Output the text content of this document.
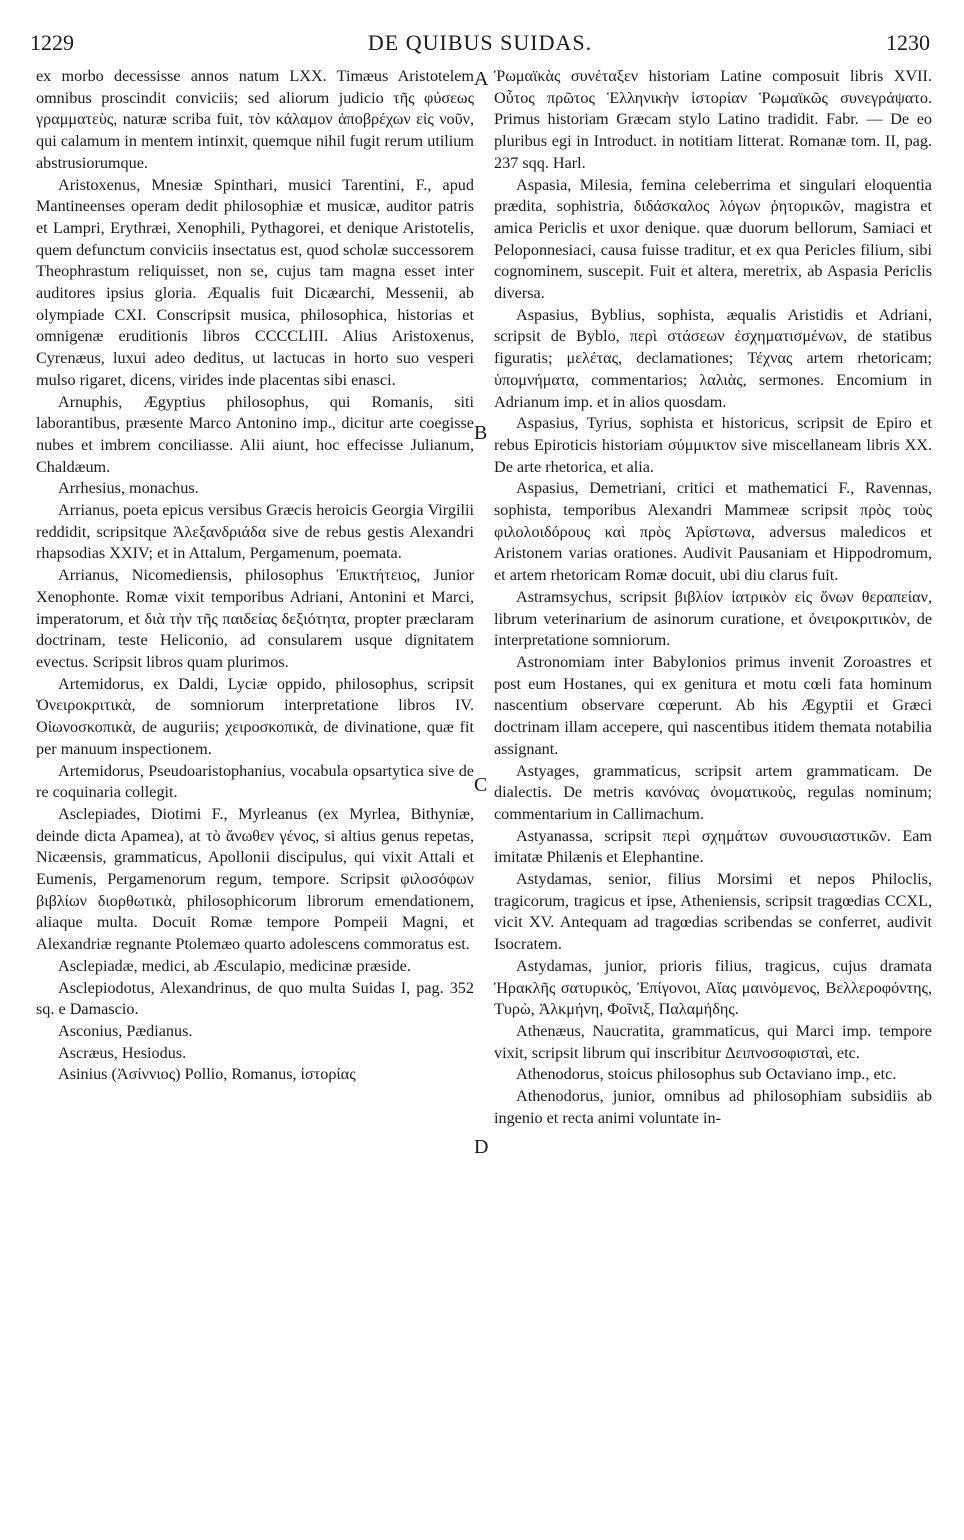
1229	DE QUIBUS SUIDAS.	1230
A
B
C
D

ex morbo decessisse annos natum LXX. Timæus Aristotelem omnibus proscindit conviciis; sed aliorum judicio τῆς φύσεως γραμματεὺς, naturæ scriba fuit, τὸν κάλαμον ἀποβρέχων εἰς νοῦν, qui calamum in mentem intinxit, quemque nihil fugit rerum utilium abstrusiorumque.

Aristoxenus, Mnesiæ Spinthari, musici Tarentini, F., apud Mantineenses operam dedit philosophiæ et musicæ, auditor patris et Lampri, Erythræi, Xenophili, Pythagorei, et denique Aristotelis, quem defunctum conviciis insectatus est, quod scholæ successorem Theophrastum reliquisset, non se, cujus tam magna esset inter auditores ipsius gloria. Æqualis fuit Dicæarchi, Messenii, ab olympiade CXI. Conscripsit musica, philosophica, historias et omnigenæ eruditionis libros CCCCLIII. Alius Aristoxenus, Cyrenæus, luxui adeo deditus, ut lactucas in horto suo vesperi mulso rigaret, dicens, virides inde placentas sibi enasci.

Arnuphis, Ægyptius philosophus, qui Romanis, siti laborantibus, præsente Marco Antonino imp., dicitur arte coegisse nubes et imbrem conciliasse. Alii aiunt, hoc effecisse Julianum, Chaldæum.

Arrhesius, monachus.

Arrianus, poeta epicus versibus Græcis heroicis Georgia Virgilii reddidit, scripsitque Ἀλεξανδριάδα sive de rebus gestis Alexandri rhapsodias XXIV; et in Attalum, Pergamenum, poemata.

Arrianus, Nicomediensis, philosophus Ἐπικτήτειος, Junior Xenophonte. Romæ vixit temporibus Adriani, Antonini et Marci, imperatorum, et διὰ τὴν τῆς παιδείας δεξιότητα, propter præclaram doctrinam, teste Heliconio, ad consularem usque dignitatem evectus. Scripsit libros quam plurimos.

Artemidorus, ex Daldi, Lyciæ oppido, philosophus, scripsit Ὀνειροκριτικὰ, de somniorum interpretatione libros IV. Οἰωνοσκοπικὰ, de auguriis; χειροσκοπικὰ, de divinatione, quæ fit per manuum inspectionem.

Artemidorus, Pseudoaristophanius, vocabula opsartytica sive de re coquinaria collegit.

Asclepiades, Diotimi F., Myrleanus (ex Myrlea, Bithyniæ, deinde dicta Apamea), at τὸ ἄνωθεν γένος, si altius genus repetas, Nicæensis, grammaticus, Apollonii discipulus, qui vixit Attali et Eumenis, Pergamenorum regum, tempore. Scripsit φιλοσόφων βιβλίων διορθωτικὰ, philosophicorum librorum emendationem, aliaque multa. Docuit Romæ tempore Pompeii Magni, et Alexandriæ regnante Ptolemæo quarto adolescens commoratus est.

Asclepiadæ, medici, ab Æsculapio, medicinæ præside.

Asclepiodotus, Alexandrinus, de quo multa Suidas I, pag. 352 sq. e Damascio.

Asconius, Pædianus.

Ascræus, Hesiodus.

Asinius (Ἀσίννιος) Pollio, Romanus, ἱστορίας

Ῥωμαϊκὰς συνέταξεν historiam Latine composuit libris XVII. Οὗτος πρῶτος Ἑλληνικὴν ἱστορίαν Ῥωμαϊκῶς συνεγράψατο. Primus historiam Græcam stylo Latino tradidit. Fabr. — De eo pluribus egi in Introduct. in notitiam litterat. Romanæ tom. II, pag. 237 sqq. Harl.

Aspasia, Milesia, femina celeberrima et singulari eloquentia prædita, sophistria, διδάσκαλος λόγων ῥητορικῶν, magistra et amica Periclis et uxor denique. quæ duorum bellorum, Samiaci et Peloponnesiaci, causa fuisse traditur, et ex qua Pericles filium, sibi cognominem, suscepit. Fuit et altera, meretrix, ab Aspasia Periclis diversa.

Aspasius, Byblius, sophista, æqualis Aristidis et Adriani, scripsit de Byblo, περὶ στάσεων ἐσχηματισμένων, de statibus figuratis; μελέτας, declamationes; Τέχνας artem rhetoricam; ὑπομνήματα, commentarios; λαλιὰς, sermones. Encomium in Adrianum imp. et in alios quosdam.

Aspasius, Tyrius, sophista et historicus, scripsit de Epiro et rebus Epiroticis historiam σύμμικτον sive miscellaneam libris XX. De arte rhetorica, et alia.

Aspasius, Demetriani, critici et mathematici F., Ravennas, sophista, temporibus Alexandri Mammeæ scripsit πρὸς τοὺς φιλολοιδόρους καὶ πρὸς Ἀρίστωνα, adversus maledicos et Aristonem varias orationes. Audivit Pausaniam et Hippodromum, et artem rhetoricam Romæ docuit, ubi diu clarus fuit.

Astramsychus, scripsit βιβλίον ἰατρικὸν εἰς ὄνων θεραπείαν, librum veterinarium de asinorum curatione, et ὀνειροκριτικὸν, de interpretatione somniorum.

Astronomiam inter Babylonios primus invenit Zoroastres et post eum Hostanes, qui ex genitura et motu cœli fata hominum nascentium observare cœperunt. Ab his Ægyptii et Græci doctrinam illam accepere, qui nascentibus itidem themata notabilia assignant.

Astyages, grammaticus, scripsit artem grammaticam. De dialectis. De metris κανόνας ὀνοματικοὺς, regulas nominum; commentarium in Callimachum.

Astyanassa, scripsit περὶ σχημάτων συνουσιαστικῶν. Eam imitatæ Philænis et Elephantine.

Astydamas, senior, filius Morsimi et nepos Philoclis, tragicorum, tragicus et ipse, Atheniensis, scripsit tragœdias CCXL, vicit XV. Antequam ad tragœdias scribendas se conferret, audivit Isocratem.

Astydamas, junior, prioris filius, tragicus, cujus dramata Ἡρακλῆς σατυρικὸς, Ἐπίγονοι, Αἴας μαινόμενος, Βελλεροφόντης, Τυρὼ, Ἀλκμήνη, Φοῖνιξ, Παλαμήδης.

Athenæus, Naucratita, grammaticus, qui Marci imp. tempore vixit, scripsit librum qui inscribitur Δειπνοσοφισταὶ, etc.

Athenodorus, stoicus philosophus sub Octaviano imp., etc.

Athenodorus, junior, omnibus ad philosophiam subsidiis ab ingenio et recta animi voluntate in-
